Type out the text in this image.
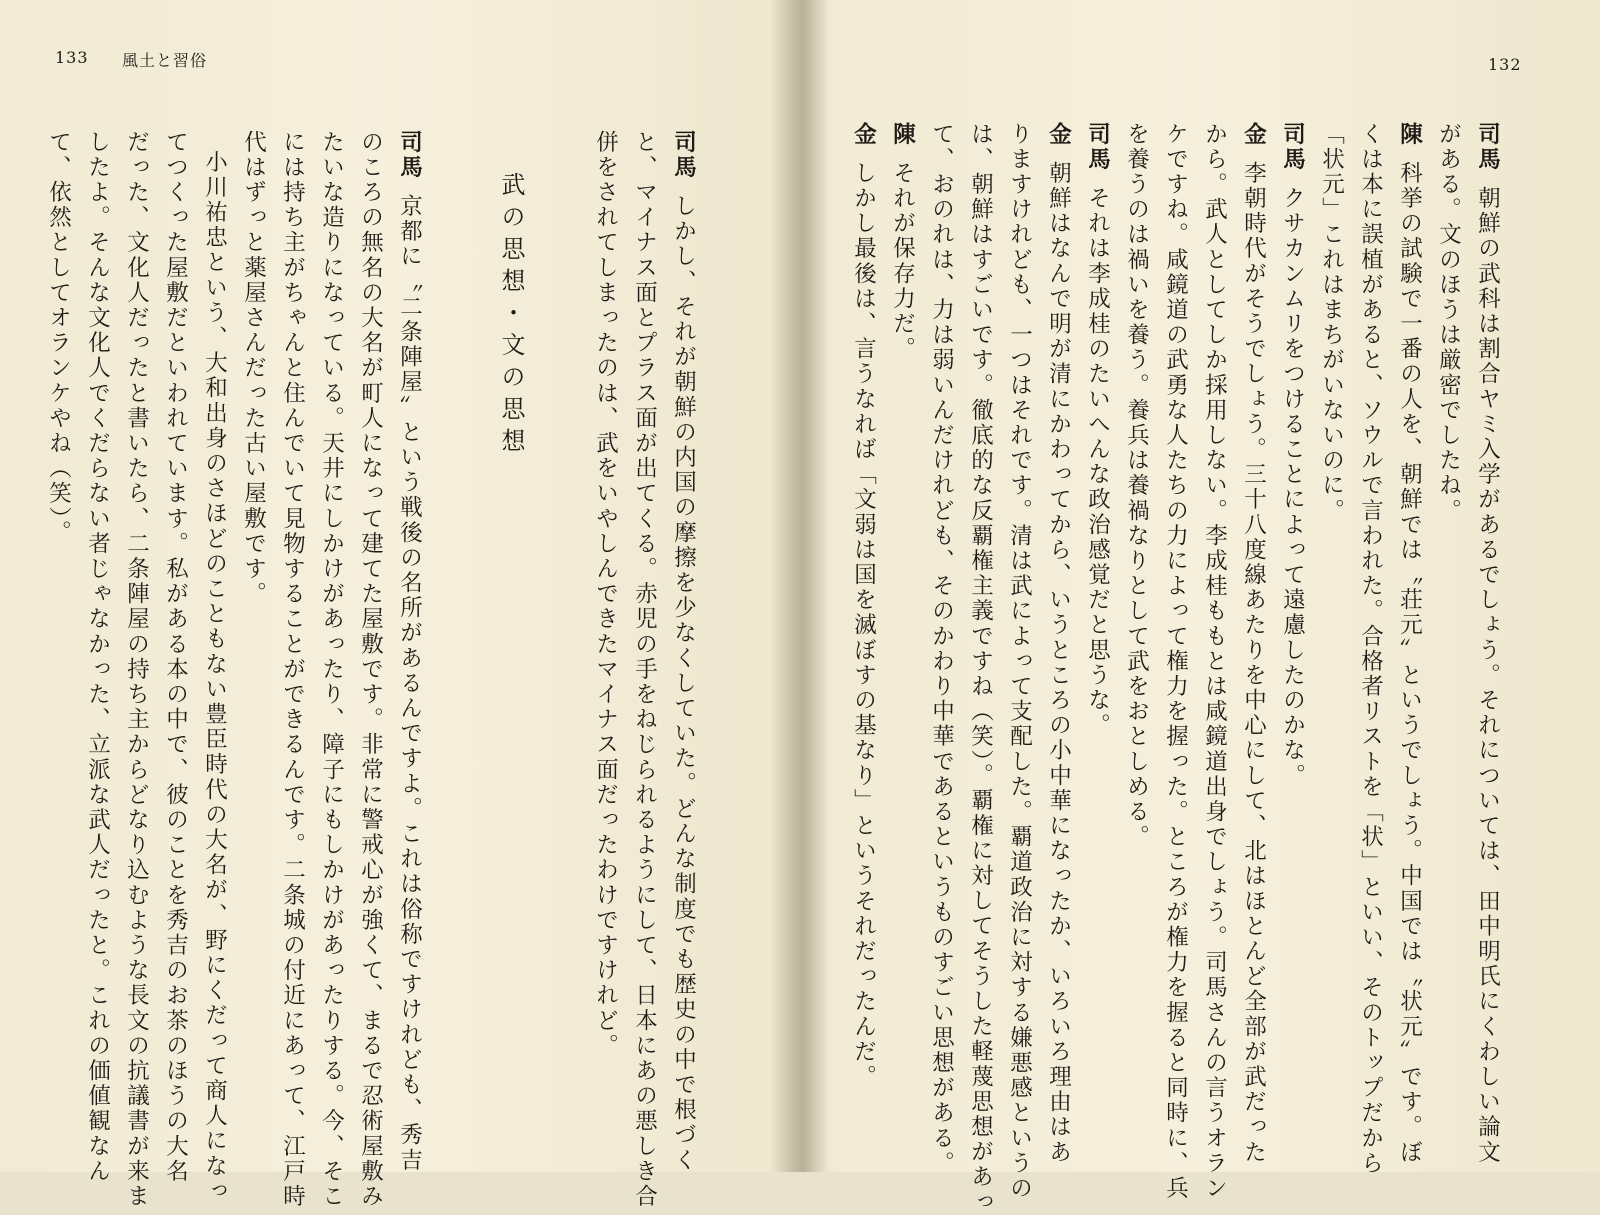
133 風土と習俗	132
司馬朝鮮の武科は割合ヤミ入学があるでしょう。それについては、田中明氏にくわしい論文
がある。文のほうは厳密でしたね。
陳科挙の試験で一番の人を、朝鮮では〝荘元〟というでしょう。中国では〝状元〟です。ぼ
くは本に誤植があると、ソウルで言われた。合格者リストを「状」といい、そのトップだから
「状元」これはまちがいないのに。
司馬クサカンムリをつけることによって遠慮したのかな。
金李朝時代がそうでしょう。三十八度線あたりを中心にして、北はほとんど全部が武だった
から。武人としてしか採用しない。李成桂ももとは咸鏡道出身でしょう。司馬さんの言うオラン
ケですね。咸鏡道の武勇な人たちの力によって権力を握った。ところが権力を握ると同時に、兵
を養うのは禍いを養う。養兵は養禍なりとして武をおとしめる。
司馬それは李成桂のたいへんな政治感覚だと思うな。
金朝鮮はなんで明が清にかわってから、いうところの小中華になったか、いろいろ理由はあ
りますけれども、一つはそれです。清は武によって支配した。覇道政治に対する嫌悪感というの
は、朝鮮はすごいです。徹底的な反覇権主義ですね（笑）。覇権に対してそうした軽蔑思想があっ
て、おのれは、力は弱いんだけれども、そのかわり中華であるというものすごい思想がある。
陳それが保存力だ。
金しかし最後は、言うなれば「文弱は国を滅ぼすの基なり」というそれだったんだ。
司馬しかし、それが朝鮮の内国の摩擦を少なくしていた。どんな制度でも歴史の中で根づく
と、マイナス面とプラス面が出てくる。赤児の手をねじられるようにして、日本にあの悪しき合
併をされてしまったのは、武をいやしんできたマイナス面だったわけですけれど。
武の思想・文の思想
司馬京都に〝二条陣屋〟という戦後の名所があるんですよ。これは俗称ですけれども、秀吉
のころの無名の大名が町人になって建てた屋敷です。非常に警戒心が強くて、まるで忍術屋敷み
たいな造りになっている。天井にしかけがあったり、障子にもしかけがあったりする。今、そこ
には持ち主がちゃんと住んでいて見物することができるんです。二条城の付近にあって、江戸時
代はずっと薬屋さんだった古い屋敷です。
小川祐忠という、大和出身のさほどのこともない豊臣時代の大名が、野にくだって商人になっ
てつくった屋敷だといわれています。私がある本の中で、彼のことを秀吉のお茶のほうの大名
だった、文化人だったと書いたら、二条陣屋の持ち主からどなり込むような長文の抗議書が来ま
したよ。そんな文化人でくだらない者じゃなかった、立派な武人だったと。これの価値観なん
て、依然としてオランケやね（笑）。
